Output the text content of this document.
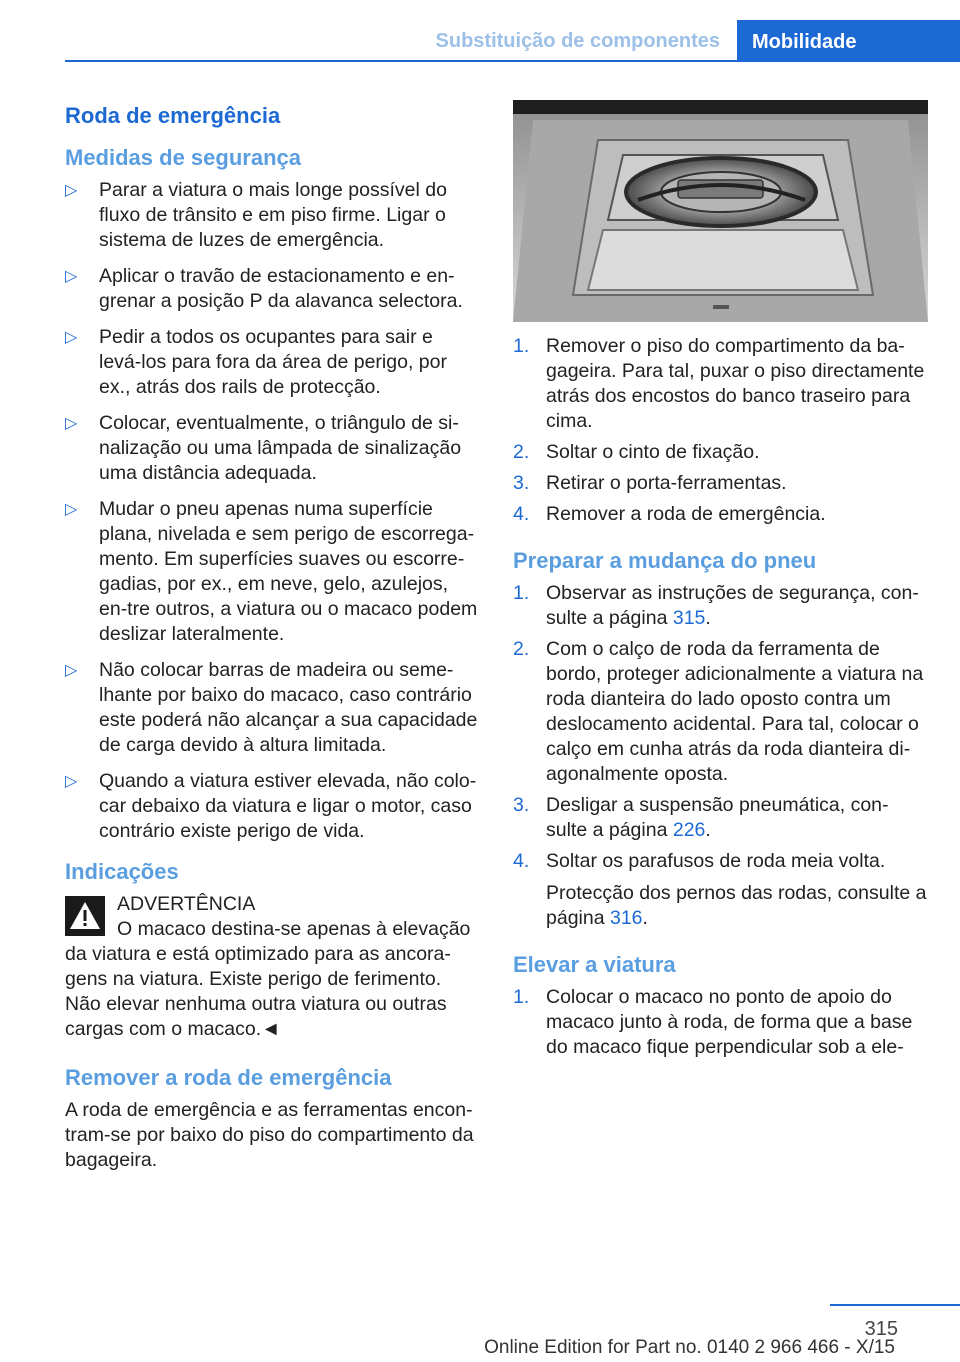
Substituição de componentes	Mobilidade
Roda de emergência
Medidas de segurança
▷ Parar a viatura o mais longe possível do fluxo de trânsito e em piso firme. Ligar o sistema de luzes de emergência.
▷ Aplicar o travão de estacionamento e en-grenar a posição P da alavanca selectora.
▷ Pedir a todos os ocupantes para sair e levá-los para fora da área de perigo, por ex., atrás dos rails de protecção.
▷ Colocar, eventualmente, o triângulo de si-nalização ou uma lâmpada de sinalização uma distância adequada.
▷ Mudar o pneu apenas numa superfície plana, nivelada e sem perigo de escorrega-mento. Em superfícies suaves ou escorre-gadias, por ex., em neve, gelo, azulejos, en-tre outros, a viatura ou o macaco podem deslizar lateralmente.
▷ Não colocar barras de madeira ou seme-lhante por baixo do macaco, caso contrário este poderá não alcançar a sua capacidade de carga devido à altura limitada.
▷ Quando a viatura estiver elevada, não colo-car debaixo da viatura e ligar o motor, caso contrário existe perigo de vida.
Indicações
ADVERTÊNCIA
O macaco destina-se apenas à elevação
da viatura e está optimizado para as ancora-gens na viatura. Existe perigo de ferimento. Não elevar nenhuma outra viatura ou outras cargas com o macaco.◄
Remover a roda de emergência

A roda de emergência e as ferramentas encon-tram-se por baixo do piso do compartimento da bagageira.

1. Remover o piso do compartimento da ba-gageira. Para tal, puxar o piso directamente atrás dos encostos do banco traseiro para cima.
2. Soltar o cinto de fixação.
3. Retirar o porta-ferramentas.
4. Remover a roda de emergência.
Preparar a mudança do pneu
1. Observar as instruções de segurança, con-sulte a página 315.
2. Com o calço de roda da ferramenta de bordo, proteger adicionalmente a viatura na roda dianteira do lado oposto contra um deslocamento acidental. Para tal, colocar o calço em cunha atrás da roda dianteira di-agonalmente oposta.
3. Desligar a suspensão pneumática, con-sulte a página 226.
4. Soltar os parafusos de roda meia volta.
Protecção dos pernos das rodas, consulte a página 316.
Elevar a viatura
1. Colocar o macaco no ponto de apoio do macaco junto à roda, de forma que a base do macaco fique perpendicular sob a ele-
315
Online Edition for Part no. 0140 2 966 466 - X/15
